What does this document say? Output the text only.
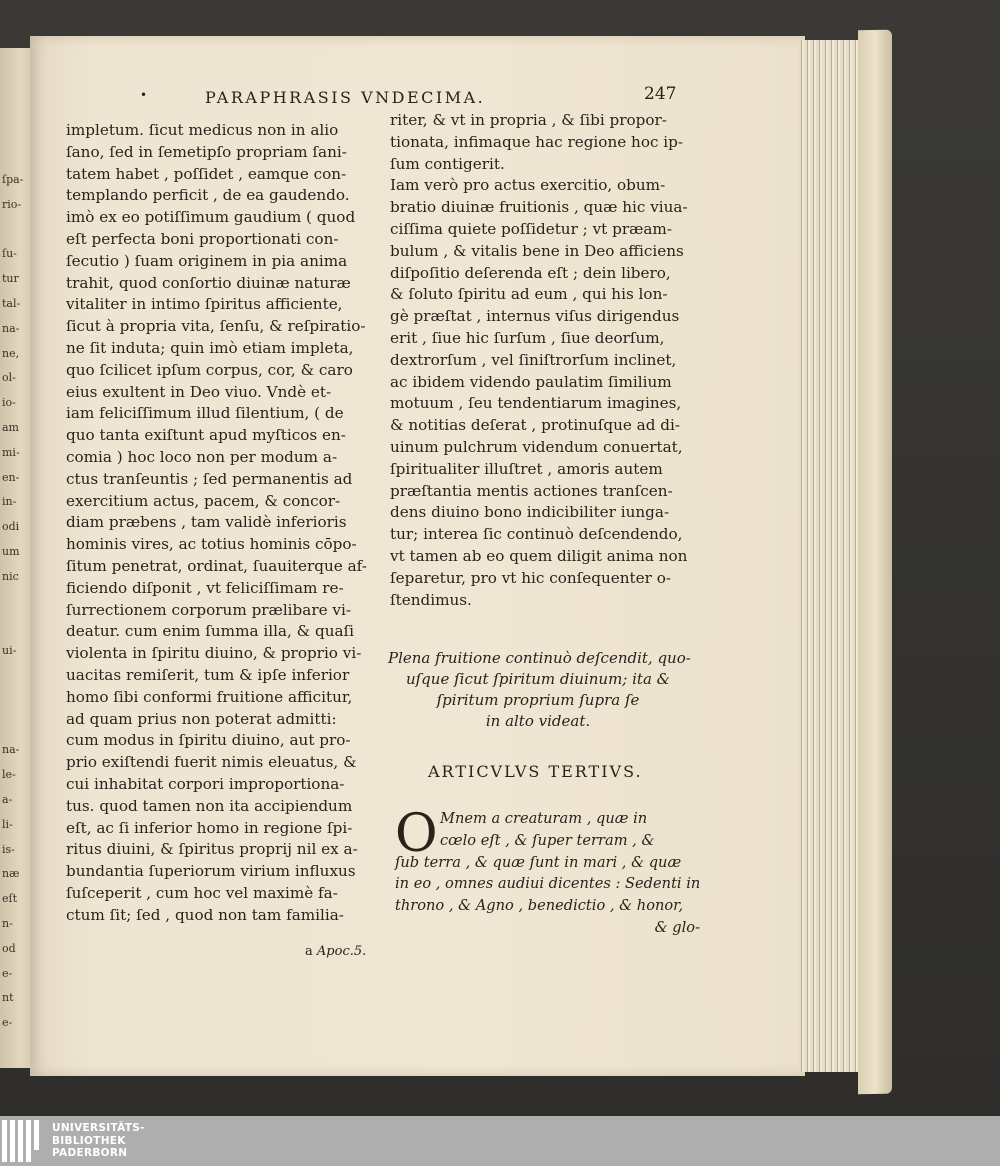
ſpa-
rio-

ſu-
tur
tal-
na-
ne,
ol-
io-
am
mi-
en-
in-
odi
um
nic

ui-

na-
le-
a-
li-
is-
næ
eſt
n-
od
e-
nt
e-
•	PARAPHRASIS VNDECIMA.	247
impletum. ſicut medicus non in alio
ſano, ſed in ſemetipſo propriam ſani-
tatem habet , poſſidet , eamque con-
templando perficit , de ea gaudendo.
imò ex eo potiſſimum gaudium ( quod
eſt perfecta boni proportionati con-
ſecutio ) ſuam originem in pia anima
trahit, quod conſortio diuinæ naturæ
vitaliter in intimo ſpiritus afficiente,
ſicut à propria vita, ſenſu, & reſpiratio-
ne ſit induta; quin imò etiam impleta,
quo ſcilicet ipſum corpus, cor, & caro
eius exultent in Deo viuo. Vndè et-
iam feliciſſimum illud ſilentium, ( de
quo tanta exiſtunt apud myſticos en-
comia ) hoc loco non per modum a-
ctus tranſeuntis ; ſed permanentis ad
exercitium actus, pacem, & concor-
diam præbens , tam validè inferioris
hominis vires, ac totius hominis cōpo-
ſitum penetrat, ordinat, ſuauiterque af-
ficiendo diſponit , vt feliciſſimam re-
ſurrectionem corporum prælibare vi-
deatur. cum enim ſumma illa, & quaſi
violenta in ſpiritu diuino, & proprio vi-
uacitas remiſerit, tum & ipſe inferior
homo ſibi conformi fruitione afficitur,
ad quam prius non poterat admitti:
cum modus in ſpiritu diuino, aut pro-
prio exiſtendi fuerit nimis eleuatus, &
cui inhabitat corpori improportiona-
tus. quod tamen non ita accipiendum
eſt, ac ſi inferior homo in regione ſpi-
ritus diuini, & ſpiritus proprij nil ex a-
bundantia ſuperiorum virium influxus
ſuſceperit , cum hoc vel maximè fa-
ctum ſit; ſed , quod non tam familia-
riter, & vt in propria , & ſibi propor-
tionata, infimaque hac regione hoc ip-
ſum contigerit.
Iam verò pro actus exercitio, obum-
bratio diuinæ fruitionis , quæ hic viua-
ciſſima quiete poſſidetur ; vt præam-
bulum , & vitalis bene in Deo afficiens
diſpoſitio deſerenda eſt ; dein libero,
& ſoluto ſpiritu ad eum , qui his lon-
gè præſtat , internus viſus dirigendus
erit , ſiue hic ſurſum , ſiue deorſum,
dextrorſum , vel ſiniſtrorſum inclinet,
ac ibidem videndo paulatim ſimilium
motuum , ſeu tendentiarum imagines,
& notitias deſerat , protinuſque ad di-
uinum pulchrum videndum conuertat,
ſpiritualiter illuſtret , amoris autem
præſtantia mentis actiones tranſcen-
dens diuino bono indicibiliter iunga-
tur; interea ſic continuò deſcendendo,
vt tamen ab eo quem diligit anima non
ſeparetur, pro vt hic conſequenter o-
ſtendimus.
Plena fruitione continuò deſcendit, quo-
uſque ſicut ſpiritum diuinum; ita &
ſpiritum proprium ſupra ſe
in alto videat.
ARTICVLVS TERTIVS.
O Mnem a creaturam , quæ in
cœlo eſt , & ſuper terram , &
ſub terra , & quæ ſunt in mari , & quæ
in eo , omnes audiui dicentes : Sedenti in
throno , & Agno , benedictio , & honor,
& glo-
a Apoc.5.
UNIVERSITÄTS-
BIBLIOTHEK
PADERBORN
